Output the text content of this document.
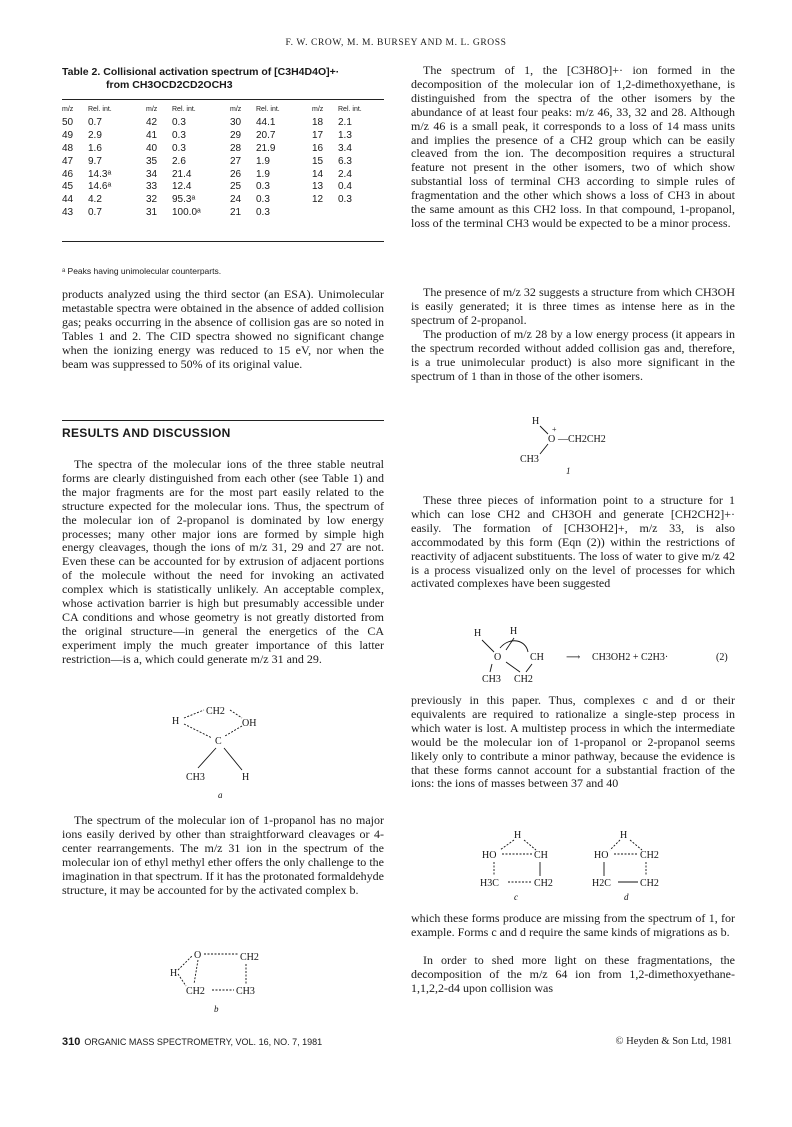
F. W. CROW, M. M. BURSEY AND M. L. GROSS
Table 2. Collisional activation spectrum of [C3H4D4O]+·
from CH3OCD2CD2OCH3
m/z	Rel. int.	m/z	Rel. int.	m/z	Rel. int.	m/z	Rel. int.
50	0.7	42	0.3	30	44.1	18	2.1
49	2.9	41	0.3	29	20.7	17	1.3
48	1.6	40	0.3	28	21.9	16	3.4
47	9.7	35	2.6	27	1.9	15	6.3
46	14.3ᵃ	34	21.4	26	1.9	14	2.4
45	14.6ᵃ	33	12.4	25	0.3	13	0.4
44	4.2	32	95.3ᵃ	24	0.3	12	0.3
43	0.7	31	100.0ᵃ	21	0.3		
ᵃ Peaks having unimolecular counterparts.

products analyzed using the third sector (an ESA). Unimolecular metastable spectra were obtained in the absence of added collision gas; peaks occurring in the absence of collision gas are so noted in Tables 1 and 2. The CID spectra showed no significant change when the ionizing energy was reduced to 15 eV, nor when the beam was suppressed to 50% of its original value.

RESULTS AND DISCUSSION

The spectra of the molecular ions of the three stable neutral forms are clearly distinguished from each other (see Table 1) and the major fragments are for the most part easily related to the structure expected for the molecular ions. Thus, the spectrum of the molecular ion of 2-propanol is dominated by low energy processes; many other major ions are formed by simple high energy cleavages, though the ions of m/z 31, 29 and 27 are not. Even these can be accounted for by extrusion of adjacent portions of the molecule without the need for invoking an activated complex which is statistically unlikely. An acceptable complex, whose activation barrier is high but presumably accessible under CA conditions and whose geometry is not greatly distorted from the original structure—in general the energetics of the CA experiment imply the much greater importance of this latter restriction—is a, which could generate m/z 31 and 29.

H
CH2
OH
C
CH3	H
a

The spectrum of the molecular ion of 1-propanol has no major ions easily derived by other than straightforward cleavages or 4-center rearrangements. The m/z 31 ion in the spectrum of the molecular ion of ethyl methyl ether offers the only challenge to the imagination in that spectrum. If it has the protonated formaldehyde structure, it may be accounted for by the activated complex b.

O	CH2
H
CH2	CH3
b

The spectrum of 1, the [C3H8O]+· ion formed in the decomposition of the molecular ion of 1,2-dimethoxyethane, is distinguished from the spectra of the other isomers by the abundance of at least four peaks: m/z 46, 33, 32 and 28. Although m/z 46 is a small peak, it corresponds to a loss of 14 mass units and implies the presence of a CH2 group which can be easily cleaved from the ion. The decomposition requires a structural feature not present in the other isomers, two of which show substantial loss of terminal CH3 according to simple rules of fragmentation and the other which shows a loss of CH3 in about the same amount as this CH2 loss. In that compound, 1-propanol, loss of the terminal CH3 would be expected to be a minor process.

The presence of m/z 32 suggests a structure from which CH3OH is easily generated; it is three times as intense here as in the spectrum of 2-propanol.

The production of m/z 28 by a low energy process (it appears in the spectrum recorded without added collision gas and, therefore, is a true unimolecular product) is also more significant in the spectrum of 1 than in those of the other isomers.

H
O —CH2CH2
CH3
+
1

These three pieces of information point to a structure for 1 which can lose CH2 and CH3OH and generate [CH2CH2]+· easily. The formation of [CH3OH2]+, m/z 33, is also accommodated by this form (Eqn (2)) within the restrictions of reactivity of adjacent substituents. The loss of water to give m/z 42 is a process visualized only on the level of processes for which activated complexes have been suggested

H	H
O	CH
CH3 CH2
⟶ CH3OH2 + C2H3·	(2)

previously in this paper. Thus, complexes c and d or their equivalents are required to rationalize a single-step process in which water is lost. A multistep process in which the intermediate would be the molecular ion of 1-propanol or 2-propanol seems likely only to contribute a minor pathway, because the evidence is that these forms cannot account for a substantial fraction of the ions: the ions of masses between 37 and 40

H
HO	CH
H3C	CH2
c
H
HO	CH2
H2C	CH2
d

which these forms produce are missing from the spectrum of 1, for example. Forms c and d require the same kinds of migrations as b.

In order to shed more light on these fragmentations, the decomposition of the m/z 64 ion from 1,2-dimethoxyethane-1,1,2,2-d4 upon collision was

310 ORGANIC MASS SPECTROMETRY, VOL. 16, NO. 7, 1981	© Heyden & Son Ltd, 1981
